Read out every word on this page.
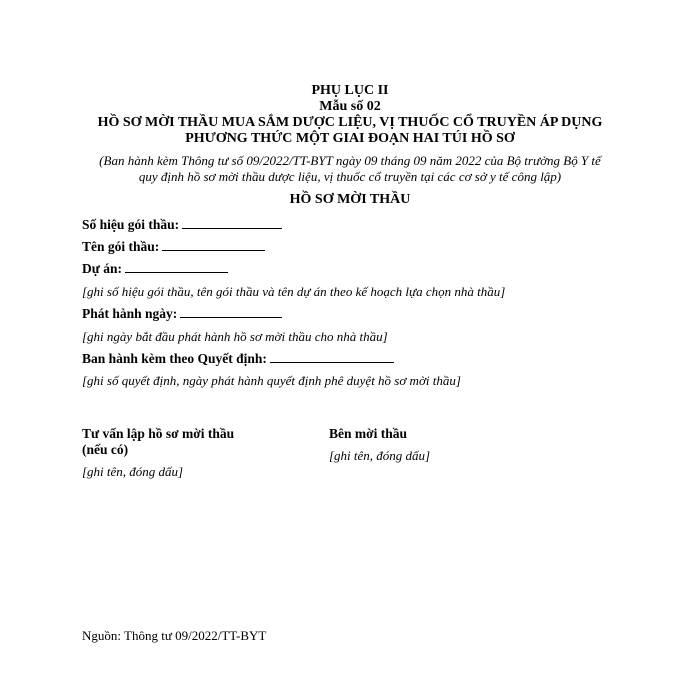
PHỤ LỤC II
Mẫu số 02
HỒ SƠ MỜI THẦU MUA SẮM DƯỢC LIỆU, VỊ THUỐC CỔ TRUYỀN ÁP DỤNG
PHƯƠNG THỨC MỘT GIAI ĐOẠN HAI TÚI HỒ SƠ
(Ban hành kèm Thông tư số 09/2022/TT-BYT ngày 09 tháng 09 năm 2022 của Bộ trưởng Bộ Y tế
quy định hồ sơ mời thầu dược liệu, vị thuốc cổ truyền tại các cơ sở y tế công lập)
HỒ SƠ MỜI THẦU
Số hiệu gói thầu:
Tên gói thầu:
Dự án:
[ghi số hiệu gói thầu, tên gói thầu và tên dự án theo kế hoạch lựa chọn nhà thầu]
Phát hành ngày:
[ghi ngày bắt đầu phát hành hồ sơ mời thầu cho nhà thầu]
Ban hành kèm theo Quyết định:
[ghi số quyết định, ngày phát hành quyết định phê duyệt hồ sơ mời thầu]
Tư vấn lập hồ sơ mời thầu
(nếu có)
[ghi tên, đóng dấu]
Bên mời thầu
[ghi tên, đóng dấu]
Nguồn: Thông tư 09/2022/TT-BYT
